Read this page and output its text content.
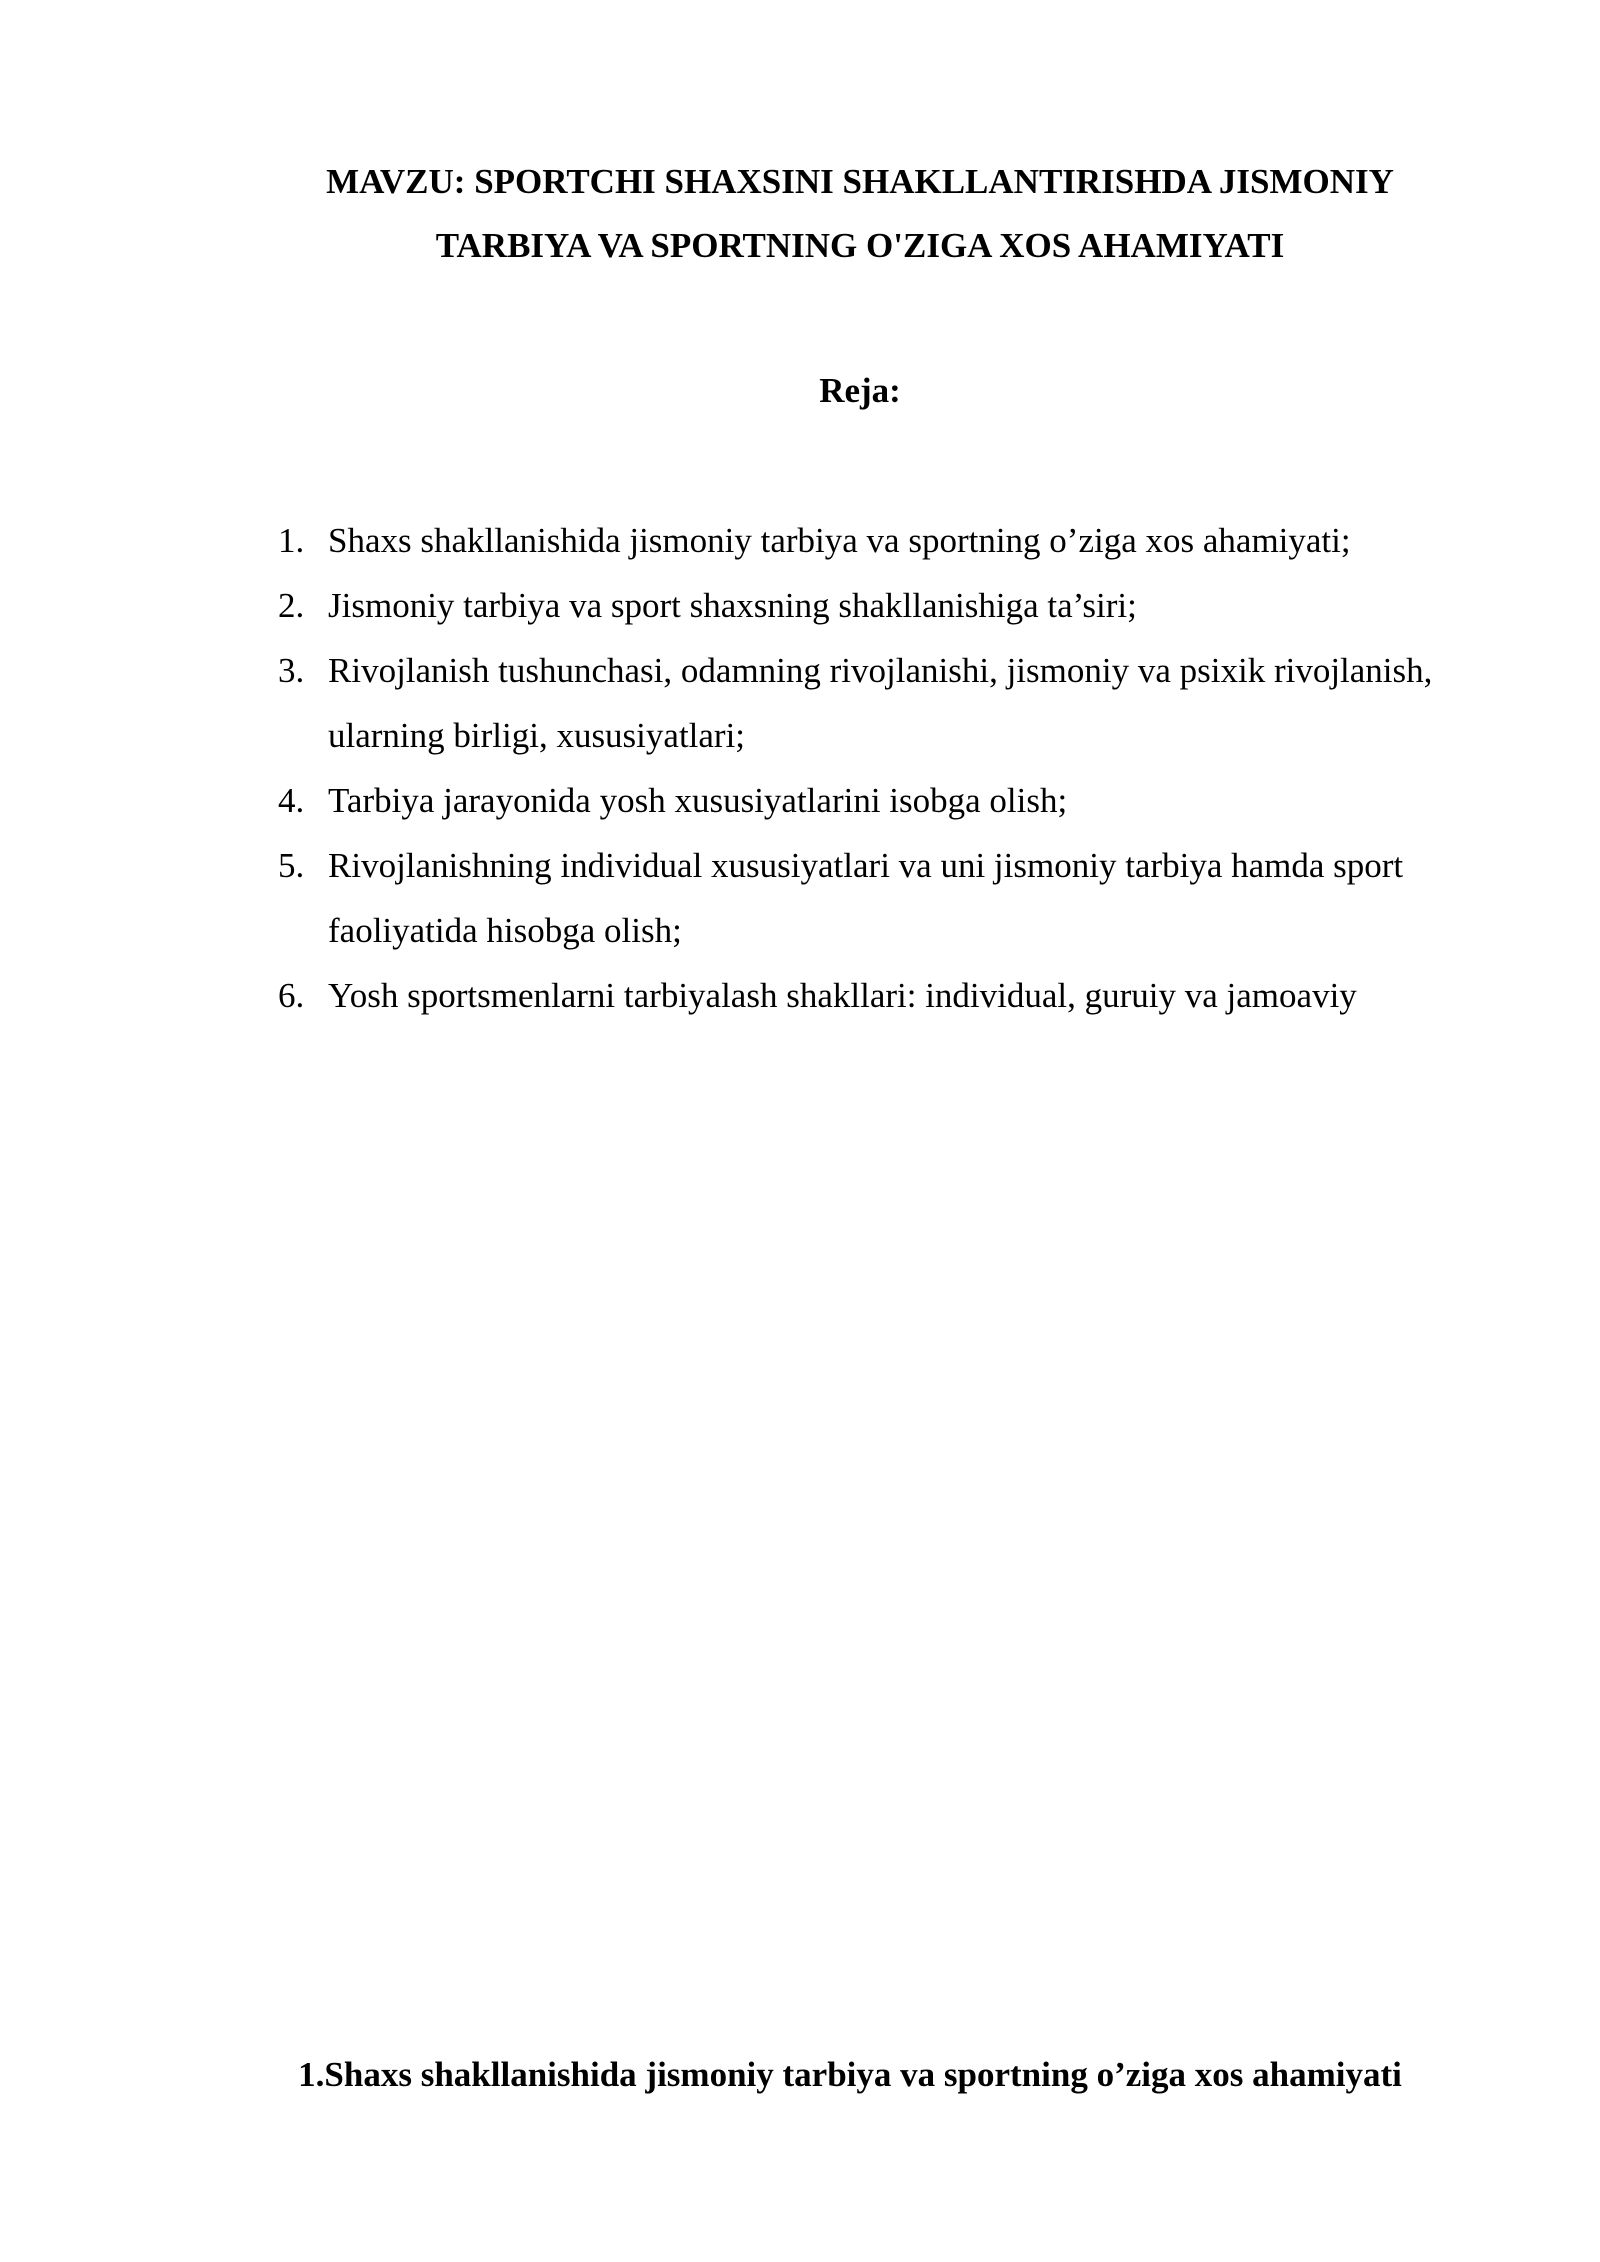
MAVZU: SPORTCHI SHAXSINI SHAKLLANTIRISHDA JISMONIY
TARBIYA VA SPORTNING O'ZIGA XOS AHAMIYATI
Reja:
1. Shaxs shakllanishida jismoniy tarbiya va sportning o’ziga xos ahamiyati;
2. Jismoniy tarbiya va sport shaxsning shakllanishiga ta’siri;
3. Rivojlanish tushunchasi, odamning rivojlanishi, jismoniy va psixik rivojlanish, ularning birligi, xususiyatlari;
4. Tarbiya jarayonida yosh xususiyatlarini isobga olish;
5. Rivojlanishning individual xususiyatlari va uni jismoniy tarbiya hamda sport faoliyatida hisobga olish;
6. Yosh sportsmenlarni tarbiyalash shakllari: individual, guruiy va jamoaviy
1.Shaxs shakllanishida jismoniy tarbiya va sportning o’ziga xos ahamiyati
